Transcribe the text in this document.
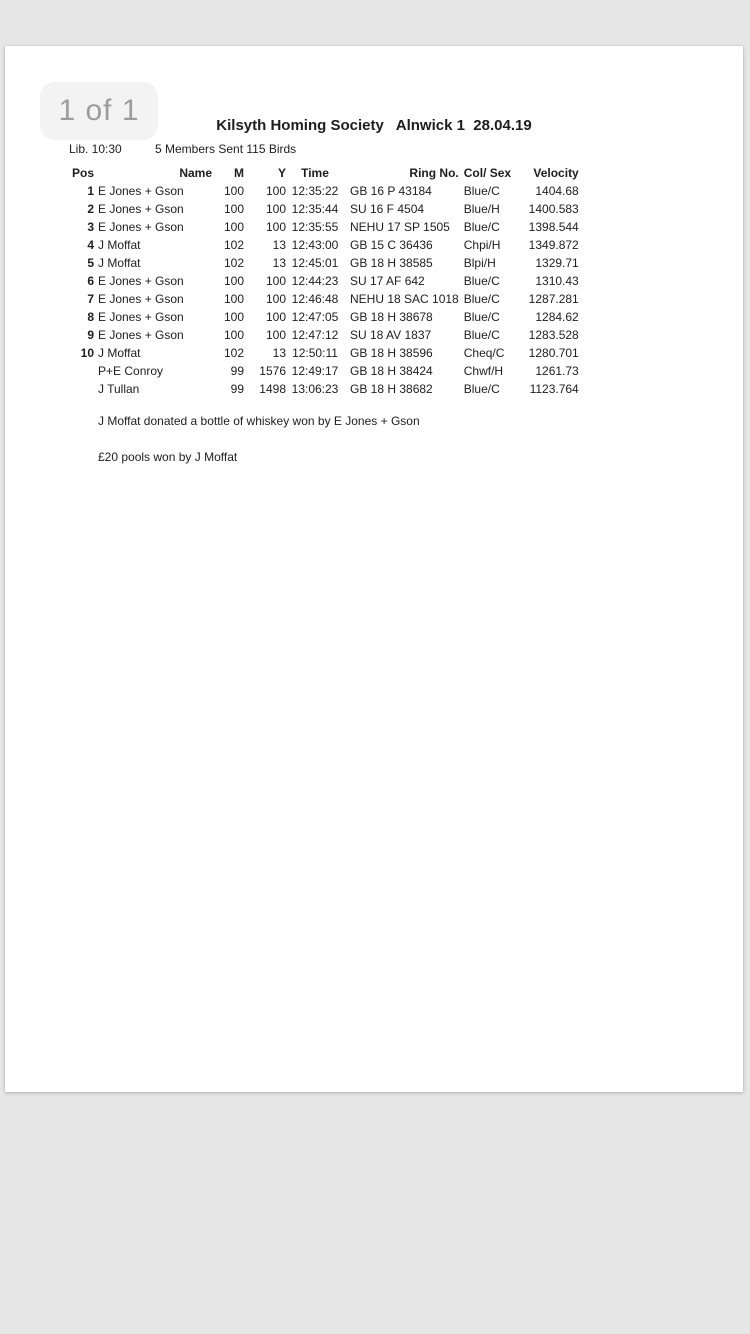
1 of 1	Kilsyth Homing Society   Alnwick 1  28.04.19
Lib. 10:30	5 Members Sent 115 Birds
Pos	Name	M	Y	Time	Ring No.	Col/ Sex	Velocity
1	E Jones + Gson	100	100	12:35:22	GB 16 P 43184	Blue/C	1404.68
2	E Jones + Gson	100	100	12:35:44	SU 16 F 4504	Blue/H	1400.583
3	E Jones + Gson	100	100	12:35:55	NEHU 17 SP 1505	Blue/C	1398.544
4	J Moffat	102	13	12:43:00	GB 15 C 36436	Chpi/H	1349.872
5	J Moffat	102	13	12:45:01	GB 18 H 38585	Blpi/H	1329.71
6	E Jones + Gson	100	100	12:44:23	SU 17 AF 642	Blue/C	1310.43
7	E Jones + Gson	100	100	12:46:48	NEHU 18 SAC 1018	Blue/C	1287.281
8	E Jones + Gson	100	100	12:47:05	GB 18 H 38678	Blue/C	1284.62
9	E Jones + Gson	100	100	12:47:12	SU 18 AV 1837	Blue/C	1283.528
10	J Moffat	102	13	12:50:11	GB 18 H 38596	Cheq/C	1280.701
	P+E Conroy	99	1576	12:49:17	GB 18 H 38424	Chwf/H	1261.73
	J Tullan	99	1498	13:06:23	GB 18 H 38682	Blue/C	1123.764
J Moffat donated a bottle of whiskey won by E Jones + Gson
£20 pools won by J Moffat
